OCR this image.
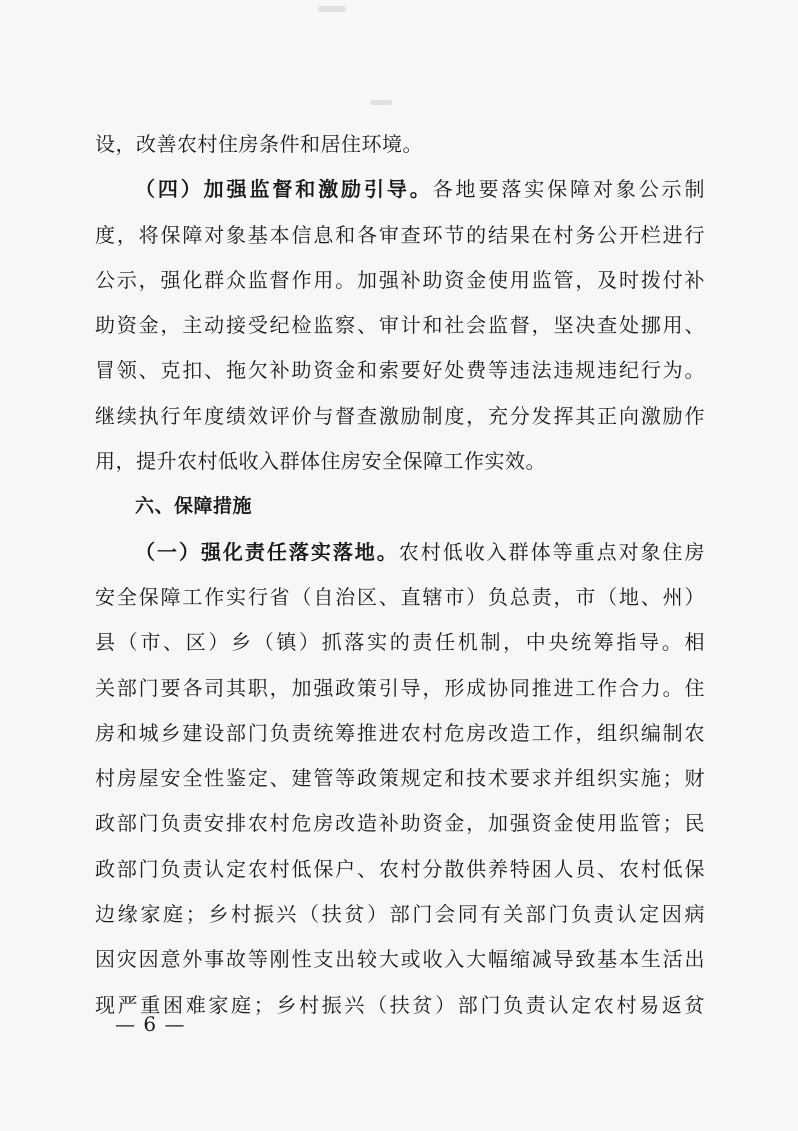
设，改善农村住房条件和居住环境。
（四）加强监督和激励引导。各地要落实保障对象公示制
度，将保障对象基本信息和各审查环节的结果在村务公开栏进行
公示，强化群众监督作用。加强补助资金使用监管，及时拨付补
助资金，主动接受纪检监察、审计和社会监督，坚决查处挪用、
冒领、克扣、拖欠补助资金和索要好处费等违法违规违纪行为。
继续执行年度绩效评价与督查激励制度，充分发挥其正向激励作
用，提升农村低收入群体住房安全保障工作实效。
六、保障措施
（一）强化责任落实落地。农村低收入群体等重点对象住房
安全保障工作实行省（自治区、直辖市）负总责，市（地、州）
县（市、区）乡（镇）抓落实的责任机制，中央统筹指导。相
关部门要各司其职，加强政策引导，形成协同推进工作合力。住
房和城乡建设部门负责统筹推进农村危房改造工作，组织编制农
村房屋安全性鉴定、建管等政策规定和技术要求并组织实施；财
政部门负责安排农村危房改造补助资金，加强资金使用监管；民
政部门负责认定农村低保户、农村分散供养特困人员、农村低保
边缘家庭；乡村振兴（扶贫）部门会同有关部门负责认定因病
因灾因意外事故等刚性支出较大或收入大幅缩减导致基本生活出
现严重困难家庭；乡村振兴（扶贫）部门负责认定农村易返贫
— 6 —
